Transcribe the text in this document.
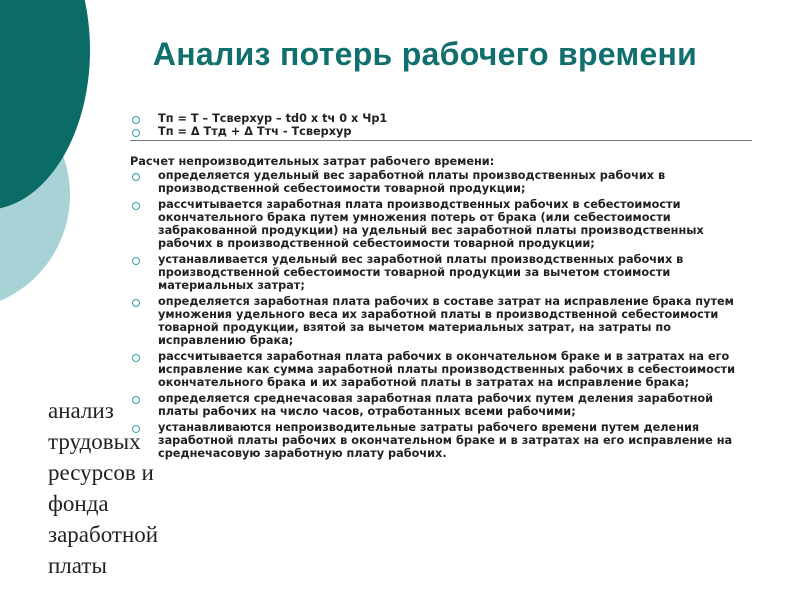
Анализ потерь рабочего времени
Тп = Т – Тсверхур – td0 х tч 0 х Чр1
Тп = Δ Ттд + Δ Ттч - Тсверхур
Расчет непроизводительных затрат рабочего времени:
определяется удельный вес заработной платы производственных рабочих в производственной себестоимости товарной продукции;
рассчитывается заработная плата производственных рабочих в себестоимости окончательного брака путем умножения потерь от брака (или себестоимости забракованной продукции) на удельный вес заработной платы производственных рабочих в производственной себестоимости товарной продукции;
устанавливается удельный вес заработной платы производственных рабочих в производственной себестоимости товарной продукции за вычетом стоимости материальных затрат;
определяется заработная плата рабочих в составе затрат на исправление брака путем умножения удельного веса их заработной платы в производственной себестоимости товарной продукции, взятой за вычетом материальных затрат, на затраты по исправлению брака;
рассчитывается заработная плата рабочих в окончательном браке и в затратах на его исправление как сумма заработной платы производственных рабочих в себестоимости окончательного брака и их заработной платы в затратах на исправление брака;
определяется среднечасовая заработная плата рабочих путем деления заработной платы рабочих на число часов, отработанных всеми рабочими;
устанавливаются непроизводительные затраты рабочего времени путем деления заработной платы рабочих в окончательном браке и в затратах на его исправление на среднечасовую заработную плату рабочих.
анализ трудовых ресурсов и фонда заработной платы
